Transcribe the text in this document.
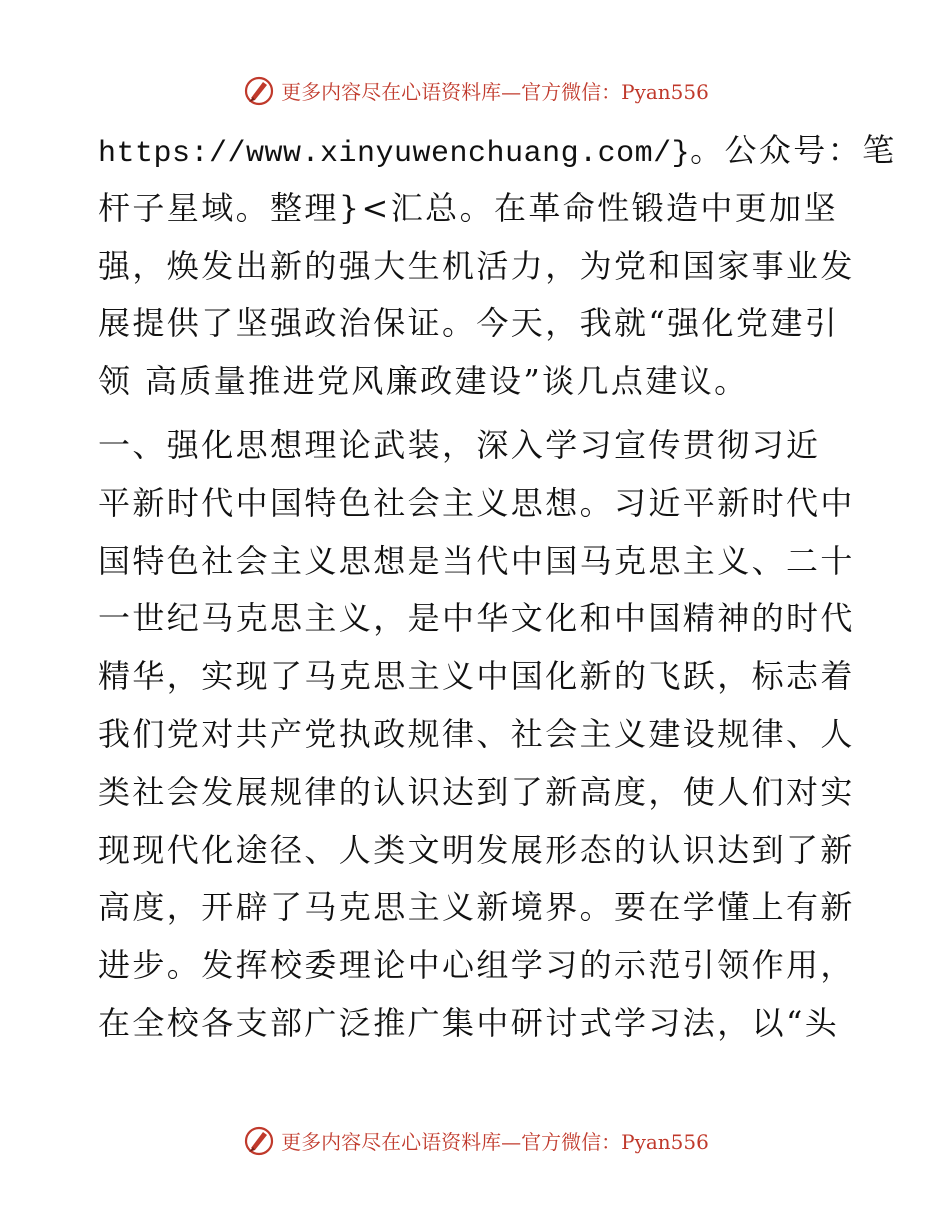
更多内容尽在心语资料库—官方微信：Pyan556
https://www.xinyuwenchuang.com/}。公众号：笔
杆子星域。整理}<汇总。在革命性锻造中更加坚
强，焕发出新的强大生机活力，为党和国家事业发
展提供了坚强政治保证。今天，我就“强化党建引
领 高质量推进党风廉政建设”谈几点建议。
一、强化思想理论武装，深入学习宣传贯彻习近
平新时代中国特色社会主义思想。习近平新时代中
国特色社会主义思想是当代中国马克思主义、二十
一世纪马克思主义，是中华文化和中国精神的时代
精华，实现了马克思主义中国化新的飞跃，标志着
我们党对共产党执政规律、社会主义建设规律、人
类社会发展规律的认识达到了新高度，使人们对实
现现代化途径、人类文明发展形态的认识达到了新
高度，开辟了马克思主义新境界。要在学懂上有新
进步。发挥校委理论中心组学习的示范引领作用，
在全校各支部广泛推广集中研讨式学习法，以“头
更多内容尽在心语资料库—官方微信：Pyan556
